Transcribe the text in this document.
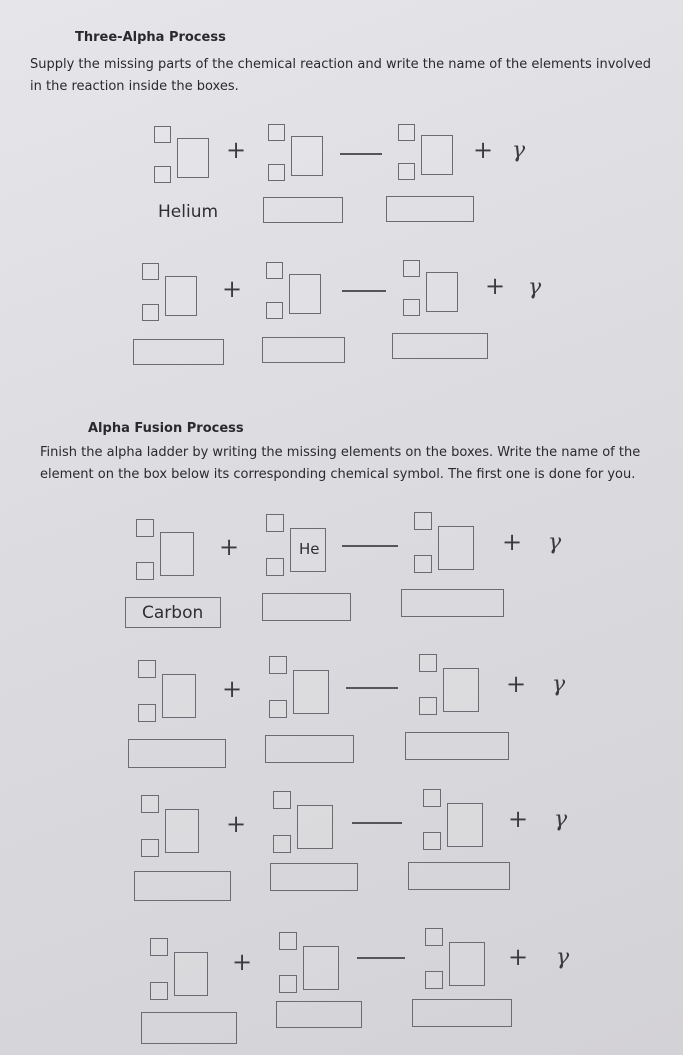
Three-Alpha Process

Supply the missing parts of the chemical reaction and write the name of the elements involved in the reaction inside the boxes.

+	+ γ
Helium
+	+ γ

Alpha Fusion Process

Finish the alpha ladder by writing the missing elements on the boxes. Write the name of the element on the box below its corresponding chemical symbol. The first one is done for you.

+	He	+ γ
Carbon
+	+ γ
+	+ γ
+	+ γ
